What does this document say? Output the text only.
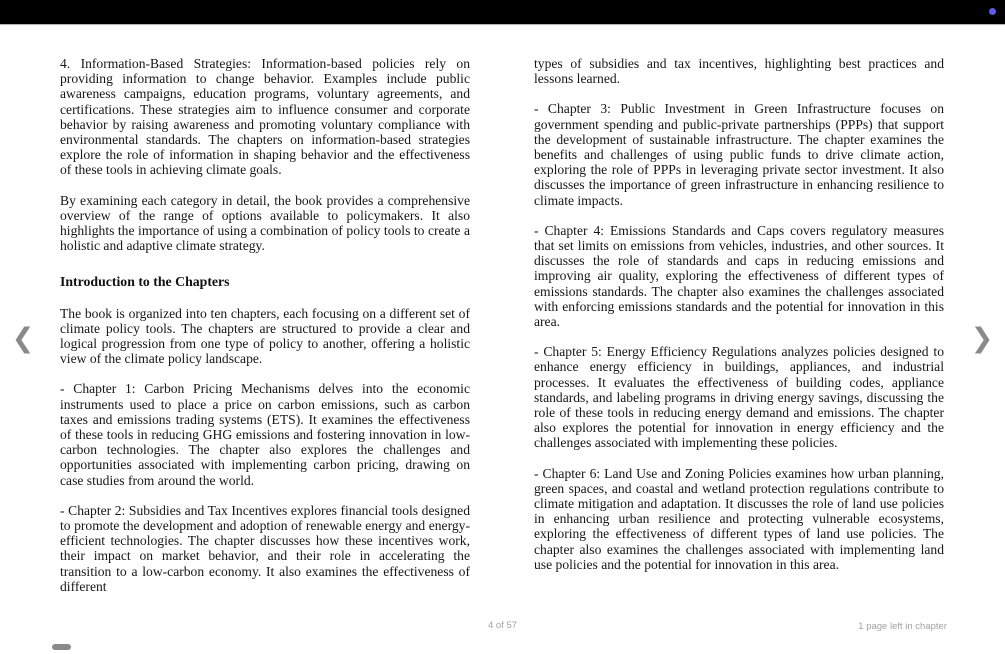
4. Information-Based Strategies: Information-based policies rely on providing information to change behavior. Examples include public awareness campaigns, education programs, voluntary agreements, and certifications. These strategies aim to influence consumer and corporate behavior by raising awareness and promoting voluntary compliance with environmental standards. The chapters on information-based strategies explore the role of information in shaping behavior and the effectiveness of these tools in achieving climate goals.

By examining each category in detail, the book provides a comprehensive overview of the range of options available to policymakers. It also highlights the importance of using a combination of policy tools to create a holistic and adaptive climate strategy.

Introduction to the Chapters

The book is organized into ten chapters, each focusing on a different set of climate policy tools. The chapters are structured to provide a clear and logical progression from one type of policy to another, offering a holistic view of the climate policy landscape.

- Chapter 1: Carbon Pricing Mechanisms delves into the economic instruments used to place a price on carbon emissions, such as carbon taxes and emissions trading systems (ETS). It examines the effectiveness of these tools in reducing GHG emissions and fostering innovation in low-carbon technologies. The chapter also explores the challenges and opportunities associated with implementing carbon pricing, drawing on case studies from around the world.

- Chapter 2: Subsidies and Tax Incentives explores financial tools designed to promote the development and adoption of renewable energy and energy-efficient technologies. The chapter discusses how these incentives work, their impact on market behavior, and their role in accelerating the transition to a low-carbon economy. It also examines the effectiveness of different

types of subsidies and tax incentives, highlighting best practices and lessons learned.

- Chapter 3: Public Investment in Green Infrastructure focuses on government spending and public-private partnerships (PPPs) that support the development of sustainable infrastructure. The chapter examines the benefits and challenges of using public funds to drive climate action, exploring the role of PPPs in leveraging private sector investment. It also discusses the importance of green infrastructure in enhancing resilience to climate impacts.

- Chapter 4: Emissions Standards and Caps covers regulatory measures that set limits on emissions from vehicles, industries, and other sources. It discusses the role of standards and caps in reducing emissions and improving air quality, exploring the effectiveness of different types of emissions standards. The chapter also examines the challenges associated with enforcing emissions standards and the potential for innovation in this area.

- Chapter 5: Energy Efficiency Regulations analyzes policies designed to enhance energy efficiency in buildings, appliances, and industrial processes. It evaluates the effectiveness of building codes, appliance standards, and labeling programs in driving energy savings, discussing the role of these tools in reducing energy demand and emissions. The chapter also explores the potential for innovation in energy efficiency and the challenges associated with implementing these policies.

- Chapter 6: Land Use and Zoning Policies examines how urban planning, green spaces, and coastal and wetland protection regulations contribute to climate mitigation and adaptation. It discusses the role of land use policies in enhancing urban resilience and protecting vulnerable ecosystems, exploring the effectiveness of different types of land use policies. The chapter also examines the challenges associated with implementing land use policies and the potential for innovation in this area.

❮	❯
4 of 57	1 page left in chapter
